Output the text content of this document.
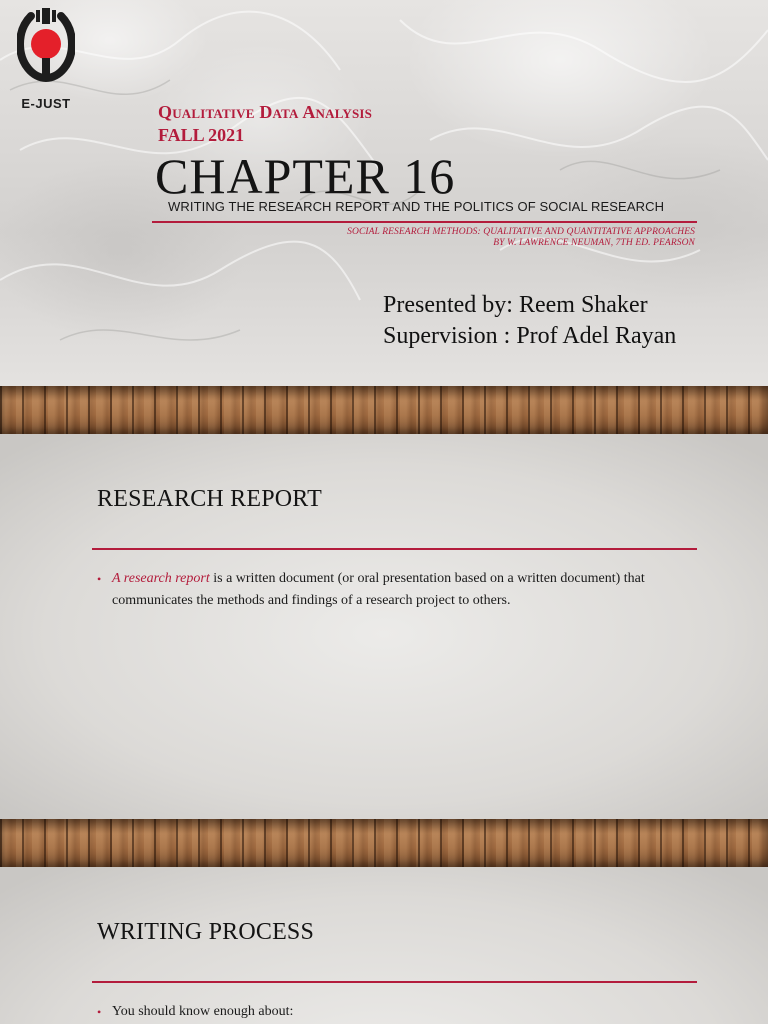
E-JUST	Qualitative Data Analysis
FALL 2021
CHAPTER 16

WRITING THE RESEARCH REPORT AND THE POLITICS OF SOCIAL RESEARCH

SOCIAL RESEARCH METHODS: QUALITATIVE AND QUANTITATIVE APPROACHES

BY W. LAWRENCE NEUMAN, 7TH ED. PEARSON

Presented by: Reem Shaker
Supervision : Prof Adel Rayan
RESEARCH REPORT
• A research report is a written document (or oral presentation based on a written document) that communicates the methods and findings of a research project to others.
WRITING PROCESS
• You should know enough about:
